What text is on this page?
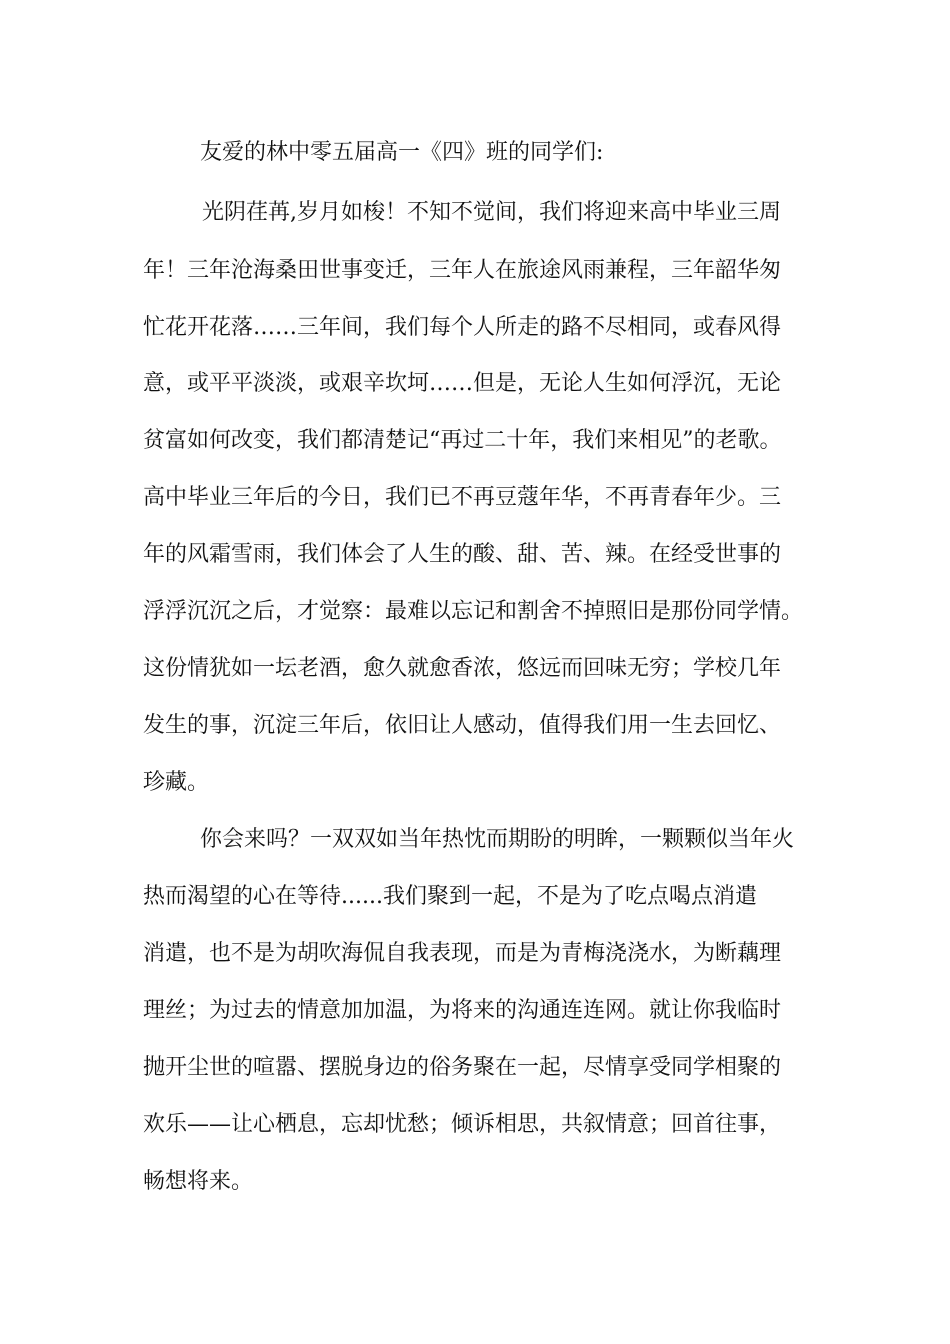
友爱的林中零五届高一《四》班的同学们:

光阴荏苒,岁月如梭！不知不觉间，我们将迎来高中毕业三周

年！三年沧海桑田世事变迁，三年人在旅途风雨兼程，三年韶华匆

忙花开花落……三年间，我们每个人所走的路不尽相同，或春风得

意，或平平淡淡，或艰辛坎坷……但是，无论人生如何浮沉，无论

贫富如何改变，我们都清楚记“再过二十年，我们来相见”的老歌。

高中毕业三年后的今日，我们已不再豆蔻年华，不再青春年少。三

年的风霜雪雨，我们体会了人生的酸、甜、苦、辣。在经受世事的

浮浮沉沉之后，才觉察：最难以忘记和割舍不掉照旧是那份同学情。

这份情犹如一坛老酒，愈久就愈香浓，悠远而回味无穷；学校几年

发生的事，沉淀三年后，依旧让人感动，值得我们用一生去回忆、

珍藏。

你会来吗？一双双如当年热忱而期盼的明眸，一颗颗似当年火

热而渴望的心在等待......我们聚到一起，不是为了吃点喝点消遣

消遣，也不是为胡吹海侃自我表现，而是为青梅浇浇水，为断藕理

理丝；为过去的情意加加温，为将来的沟通连连网。就让你我临时

抛开尘世的喧嚣、摆脱身边的俗务聚在一起，尽情享受同学相聚的

欢乐——让心栖息，忘却忧愁；倾诉相思，共叙情意；回首往事，

畅想将来。
